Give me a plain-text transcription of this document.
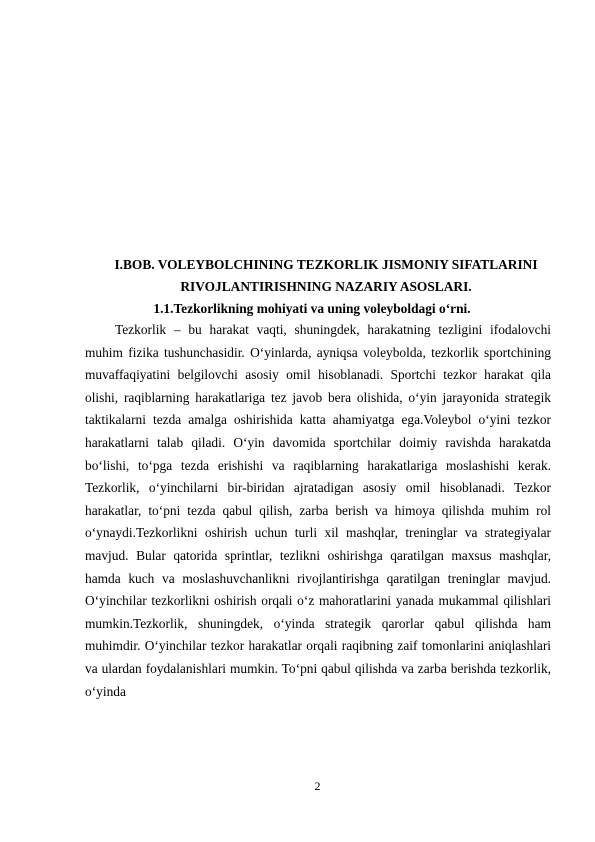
I.BOB. VOLEYBOLCHINING TEZKORLIK JISMONIY SIFATLARINI
RIVOJLANTIRISHNING NAZARIY ASOSLARI.
1.1.Tezkorlikning mohiyati va uning voleyboldagi o‘rni.

Tezkorlik – bu harakat vaqti, shuningdek, harakatning tezligini ifodalovchi muhim fizika tushunchasidir. O‘yinlarda, ayniqsa voleybolda, tezkorlik sportchining muvaffaqiyatini belgilovchi asosiy omil hisoblanadi. Sportchi tezkor harakat qila olishi, raqiblarning harakatlariga tez javob bera olishida, o‘yin jarayonida strategik taktikalarni tezda amalga oshirishida katta ahamiyatga ega.Voleybol o‘yini tezkor harakatlarni talab qiladi. O‘yin davomida sportchilar doimiy ravishda harakatda bo‘lishi, to‘pga tezda erishishi va raqiblarning harakatlariga moslashishi kerak. Tezkorlik, o‘yinchilarni bir-biridan ajratadigan asosiy omil hisoblanadi. Tezkor harakatlar, to‘pni tezda qabul qilish, zarba berish va himoya qilishda muhim rol o‘ynaydi.Tezkorlikni oshirish uchun turli xil mashqlar, treninglar va strategiyalar mavjud. Bular qatorida sprintlar, tezlikni oshirishga qaratilgan maxsus mashqlar, hamda kuch va moslashuvchanlikni rivojlantirishga qaratilgan treninglar mavjud. O‘yinchilar tezkorlikni oshirish orqali o‘z mahoratlarini yanada mukammal qilishlari mumkin.Tezkorlik, shuningdek, o‘yinda strategik qarorlar qabul qilishda ham muhimdir. O‘yinchilar tezkor harakatlar orqali raqibning zaif tomonlarini aniqlashlari va ulardan foydalanishlari mumkin. To‘pni qabul qilishda va zarba berishda tezkorlik, o‘yinda

2
